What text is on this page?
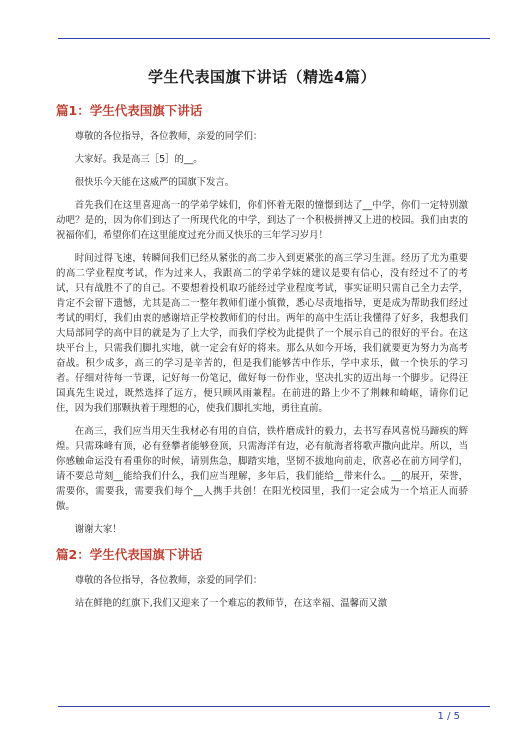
学生代表国旗下讲话（精选4篇）
篇1：学生代表国旗下讲话

尊敬的各位指导，各位教师，亲爱的同学们：

大家好。我是高三［5］的__。

很快乐今天能在这威严的国旗下发言。

首先我们在这里喜迎高一的学弟学妹们，你们怀着无限的憧憬到达了__中学，你们一定特别激动吧？是的，因为你们到达了一所现代化的中学，到达了一个积极拼搏又上进的校园。我们由衷的祝福你们，希望你们在这里能度过充分而又快乐的三年学习岁月！

时间过得飞速，转瞬间我们已经从紧张的高二步入到更紧张的高三学习生涯。经历了尤为重要的高二学业程度考试，作为过来人，我跟高二的学弟学妹的建议是要有信心，没有经过不了的考试，只有战胜不了的自己。不要想着投机取巧能经过学业程度考试，事实证明只需自己全力去学，肯定不会留下遗憾，尤其是高二一整年教师们谨小慎微，悉心尽责地指导，更是成为帮助我们经过考试的明灯，我们由衷的感谢培正学校教师们的付出。两年的高中生活让我懂得了好多，我想我们大局部同学的高中目的就是为了上大学，而我们学校为此提供了一个展示自己的很好的平台。在这块平台上，只需我们脚扎实地，就一定会有好的将来。那么从如今开场，我们就要更为努力为高考奋战。积少成多，高三的学习是辛苦的，但是我们能够苦中作乐，学中求乐，做一个快乐的学习者。仔细对待每一节课，记好每一份笔记，做好每一份作业，坚决扎实的迈出每一个脚步。记得汪国真先生说过，既然选择了远方，便只顾风雨兼程。在前进的路上少不了荆棘和崎岖，请你们记住，因为我们那颗执着于理想的心，使我们脚扎实地，勇往直前。

在高三，我们应当用天生我材必有用的自信，铁杵磨成针的毅力，去书写春风喜悦马蹄疾的辉煌。只需珠峰有顶，必有登攀者能够登顶，只需海洋有边，必有航海者将歌声撒向此岸。所以，当你感触命运没有看重你的时候，请别焦急，脚踏实地，坚韧不拔地向前走，欣喜必在前方同学们，请不要总苛刻__能给我们什么，我们应当理解，多年后，我们能给__带来什么。__的展开，荣誉，需要你，需要我，需要我们每个__人携手共创！在阳光校园里，我们一定会成为一个培正人而骄傲。

谢谢大家！

篇2：学生代表国旗下讲话

尊敬的各位指导，各位教师，亲爱的同学们：

站在鲜艳的红旗下,我们又迎来了一个难忘的教师节，在这幸福、温馨而又激

1 / 5
